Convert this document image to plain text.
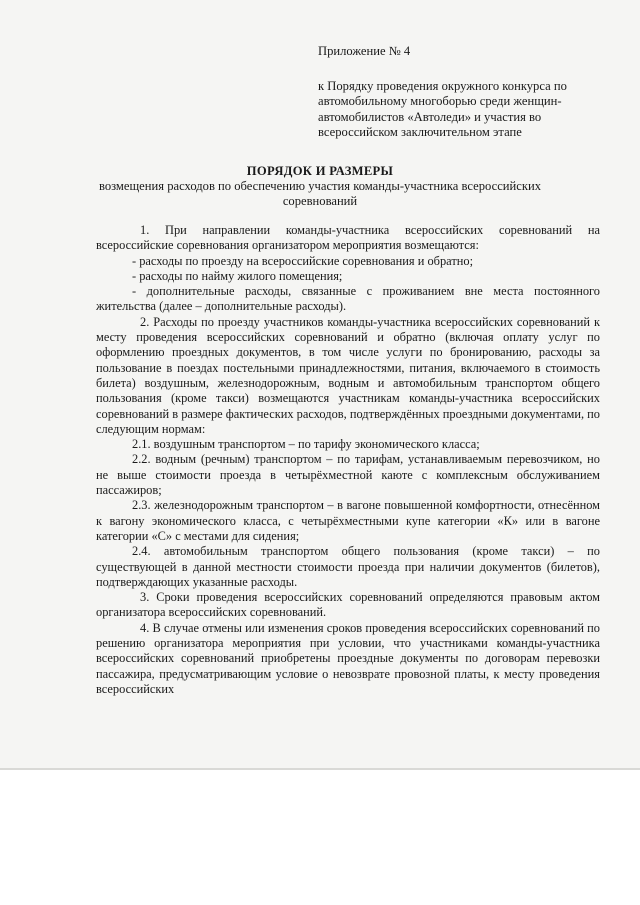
Приложение № 4
к Порядку проведения окружного конкурса по автомобильному многоборью среди женщин-автомобилистов «Автоледи» и участия во всероссийском заключительном этапе
ПОРЯДОК И РАЗМЕРЫ
возмещения расходов по обеспечению участия команды-участника всероссийских соревнований

1. При направлении команды-участника всероссийских соревнований на всероссийские соревнования организатором мероприятия возмещаются:

- расходы по проезду на всероссийские соревнования и обратно;

- расходы по найму жилого помещения;

- дополнительные расходы, связанные с проживанием вне места постоянного жительства (далее – дополнительные расходы).

2. Расходы по проезду участников команды-участника всероссийских соревнований к месту проведения всероссийских соревнований и обратно (включая оплату услуг по оформлению проездных документов, в том числе услуги по бронированию, расходы за пользование в поездах постельными принадлежностями, питания, включаемого в стоимость билета) воздушным, железнодорожным, водным и автомобильным транспортом общего пользования (кроме такси) возмещаются участникам команды-участника всероссийских соревнований в размере фактических расходов, подтверждённых проездными документами, по следующим нормам:

2.1. воздушным транспортом – по тарифу экономического класса;

2.2. водным (речным) транспортом – по тарифам, устанавливаемым перевозчиком, но не выше стоимости проезда в четырёхместной каюте с комплексным обслуживанием пассажиров;

2.3. железнодорожным транспортом – в вагоне повышенной комфортности, отнесённом к вагону экономического класса, с четырёхместными купе категории «К» или в вагоне категории «С» с местами для сидения;

2.4. автомобильным транспортом общего пользования (кроме такси) – по существующей в данной местности стоимости проезда при наличии документов (билетов), подтверждающих указанные расходы.

3. Сроки проведения всероссийских соревнований определяются правовым актом организатора всероссийских соревнований.

4. В случае отмены или изменения сроков проведения всероссийских соревнований по решению организатора мероприятия при условии, что участниками команды-участника всероссийских соревнований приобретены проездные документы по договорам перевозки пассажира, предусматривающим условие о невозврате провозной платы, к месту проведения всероссийских
